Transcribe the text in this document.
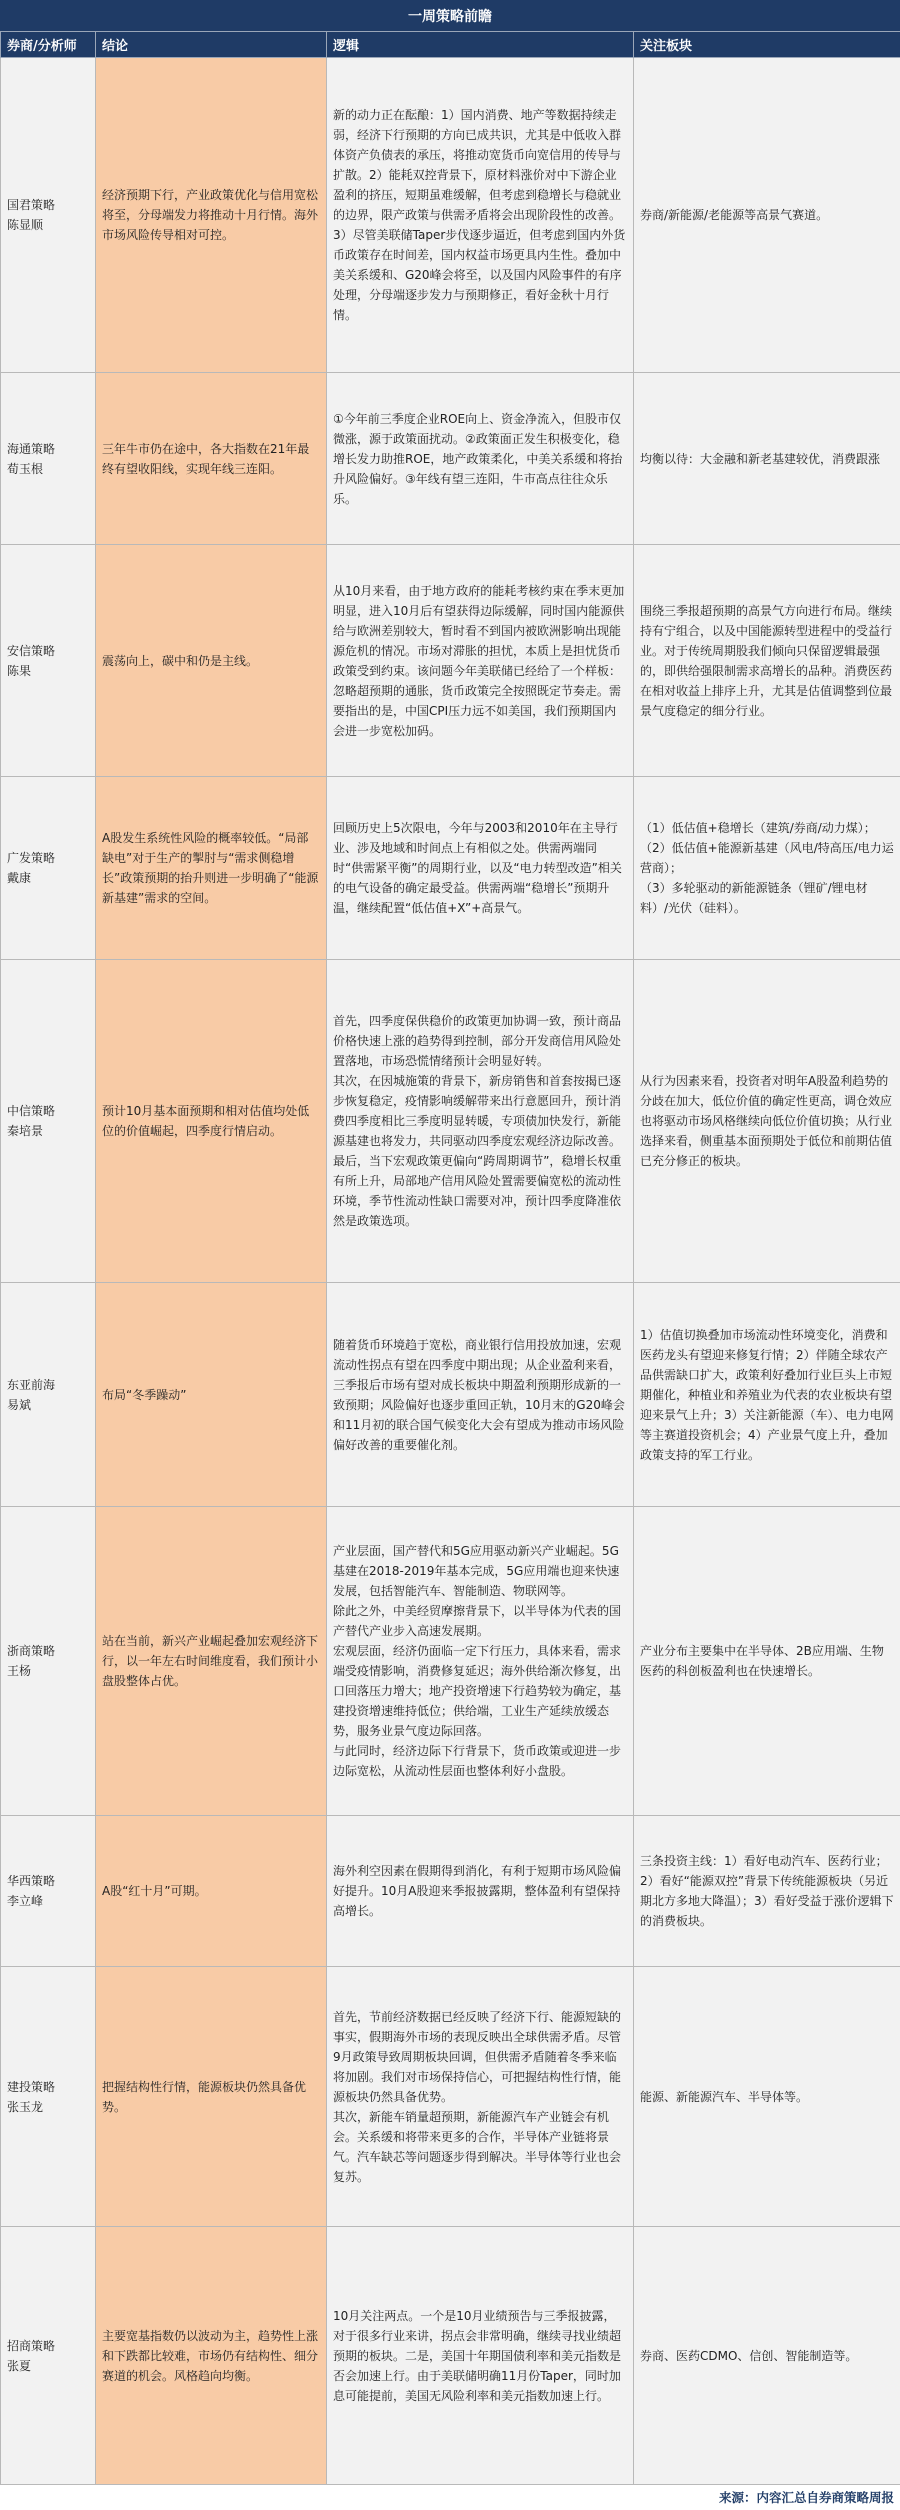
一周策略前瞻
券商/分析师	结论	逻辑	关注板块

国君策略
陈显顺	经济预期下行，产业政策优化与信用宽松将至，分母端发力将推动十月行情。海外市场风险传导相对可控。	新的动力正在酝酿：1）国内消费、地产等数据持续走弱，经济下行预期的方向已成共识，尤其是中低收入群体资产负债表的承压，将推动宽货币向宽信用的传导与扩散。2）能耗双控背景下，原材料涨价对中下游企业盈利的挤压，短期虽难缓解，但考虑到稳增长与稳就业的边界，限产政策与供需矛盾将会出现阶段性的改善。3）尽管美联储Taper步伐逐步逼近，但考虑到国内外货币政策存在时间差，国内权益市场更具内生性。叠加中美关系缓和、G20峰会将至，以及国内风险事件的有序处理，分母端逐步发力与预期修正，看好金秋十月行情。	券商/新能源/老能源等高景气赛道。

海通策略
荀玉根	三年牛市仍在途中，各大指数在21年最终有望收阳线，实现年线三连阳。	①今年前三季度企业ROE向上、资金净流入，但股市仅微涨，源于政策面扰动。②政策面正发生积极变化，稳增长发力助推ROE，地产政策柔化，中美关系缓和将抬升风险偏好。③年线有望三连阳，牛市高点往往众乐乐。	均衡以待：大金融和新老基建较优，消费跟涨

安信策略
陈果	震荡向上，碳中和仍是主线。	从10月来看，由于地方政府的能耗考核约束在季末更加明显，进入10月后有望获得边际缓解，同时国内能源供给与欧洲差别较大，暂时看不到国内被欧洲影响出现能源危机的情况。市场对滞胀的担忧，本质上是担忧货币政策受到约束。该问题今年美联储已经给了一个样板：忽略超预期的通胀，货币政策完全按照既定节奏走。需要指出的是，中国CPI压力远不如美国，我们预期国内会进一步宽松加码。	围绕三季报超预期的高景气方向进行布局。继续持有宁组合，以及中国能源转型进程中的受益行业。对于传统周期股我们倾向只保留逻辑最强的，即供给强限制需求高增长的品种。消费医药在相对收益上排序上升，尤其是估值调整到位最景气度稳定的细分行业。

广发策略
戴康	A股发生系统性风险的概率较低。“局部缺电”对于生产的掣肘与“需求侧稳增长”政策预期的抬升则进一步明确了“能源新基建”需求的空间。	回顾历史上5次限电，今年与2003和2010年在主导行业、涉及地域和时间点上有相似之处。供需两端同时“供需紧平衡”的周期行业，以及“电力转型改造”相关的电气设备的确定最受益。供需两端“稳增长”预期升温，继续配置“低估值+X”+高景气。	（1）低估值+稳增长（建筑/券商/动力煤）；
（2）低估值+能源新基建（风电/特高压/电力运营商）；
（3）多轮驱动的新能源链条（锂矿/锂电材料）/光伏（硅料）。

中信策略
秦培景	预计10月基本面预期和相对估值均处低位的价值崛起，四季度行情启动。	首先，四季度保供稳价的政策更加协调一致，预计商品价格快速上涨的趋势得到控制，部分开发商信用风险处置落地，市场恐慌情绪预计会明显好转。
其次，在因城施策的背景下，新房销售和首套按揭已逐步恢复稳定，疫情影响缓解带来出行意愿回升，预计消费四季度相比三季度明显转暖，专项债加快发行，新能源基建也将发力，共同驱动四季度宏观经济边际改善。
最后，当下宏观政策更偏向“跨周期调节”，稳增长权重有所上升，局部地产信用风险处置需要偏宽松的流动性环境，季节性流动性缺口需要对冲，预计四季度降准依然是政策选项。	从行为因素来看，投资者对明年A股盈利趋势的分歧在加大，低位价值的确定性更高，调仓效应也将驱动市场风格继续向低位价值切换；从行业选择来看，侧重基本面预期处于低位和前期估值已充分修正的板块。

东亚前海
易斌	布局“冬季躁动”	随着货币环境趋于宽松，商业银行信用投放加速，宏观流动性拐点有望在四季度中期出现；从企业盈利来看，三季报后市场有望对成长板块中期盈利预期形成新的一致预期；风险偏好也逐步重回正轨，10月末的G20峰会和11月初的联合国气候变化大会有望成为推动市场风险偏好改善的重要催化剂。	1）估值切换叠加市场流动性环境变化，消费和医药龙头有望迎来修复行情；2）伴随全球农产品供需缺口扩大，政策利好叠加行业巨头上市短期催化，种植业和养殖业为代表的农业板块有望迎来景气上升；3）关注新能源（车）、电力电网等主赛道投资机会；4）产业景气度上升，叠加政策支持的军工行业。

浙商策略
王杨	站在当前，新兴产业崛起叠加宏观经济下行，以一年左右时间维度看，我们预计小盘股整体占优。	产业层面，国产替代和5G应用驱动新兴产业崛起。5G基建在2018-2019年基本完成，5G应用端也迎来快速发展，包括智能汽车、智能制造、物联网等。
除此之外，中美经贸摩擦背景下，以半导体为代表的国产替代产业步入高速发展期。
宏观层面，经济仍面临一定下行压力，具体来看，需求端受疫情影响，消费修复延迟；海外供给渐次修复，出口回落压力增大；地产投资增速下行趋势较为确定，基建投资增速维持低位；供给端，工业生产延续放缓态势，服务业景气度边际回落。
与此同时，经济边际下行背景下，货币政策或迎进一步边际宽松，从流动性层面也整体利好小盘股。	产业分布主要集中在半导体、2B应用端、生物医药的科创板盈利也在快速增长。

华西策略
李立峰	A股“红十月”可期。	海外利空因素在假期得到消化，有利于短期市场风险偏好提升。10月A股迎来季报披露期，整体盈利有望保持高增长。	三条投资主线：1）看好电动汽车、医药行业；2）看好“能源双控”背景下传统能源板块（另近期北方多地大降温）；3）看好受益于涨价逻辑下的消费板块。

建投策略
张玉龙	把握结构性行情，能源板块仍然具备优势。	首先，节前经济数据已经反映了经济下行、能源短缺的事实，假期海外市场的表现反映出全球供需矛盾。尽管9月政策导致周期板块回调，但供需矛盾随着冬季来临将加剧。我们对市场保持信心，可把握结构性行情，能源板块仍然具备优势。
其次，新能车销量超预期，新能源汽车产业链会有机会。关系缓和将带来更多的合作，半导体产业链将景气。汽车缺芯等问题逐步得到解决。半导体等行业也会复苏。	能源、新能源汽车、半导体等。

招商策略
张夏	主要宽基指数仍以波动为主，趋势性上涨和下跌都比较难，市场仍有结构性、细分赛道的机会。风格趋向均衡。	10月关注两点。一个是10月业绩预告与三季报披露，对于很多行业来讲，拐点会非常明确，继续寻找业绩超预期的板块。二是，美国十年期国债利率和美元指数是否会加速上行。由于美联储明确11月份Taper，同时加息可能提前，美国无风险利率和美元指数加速上行。	券商、医药CDMO、信创、智能制造等。

来源：内容汇总自券商策略周报
